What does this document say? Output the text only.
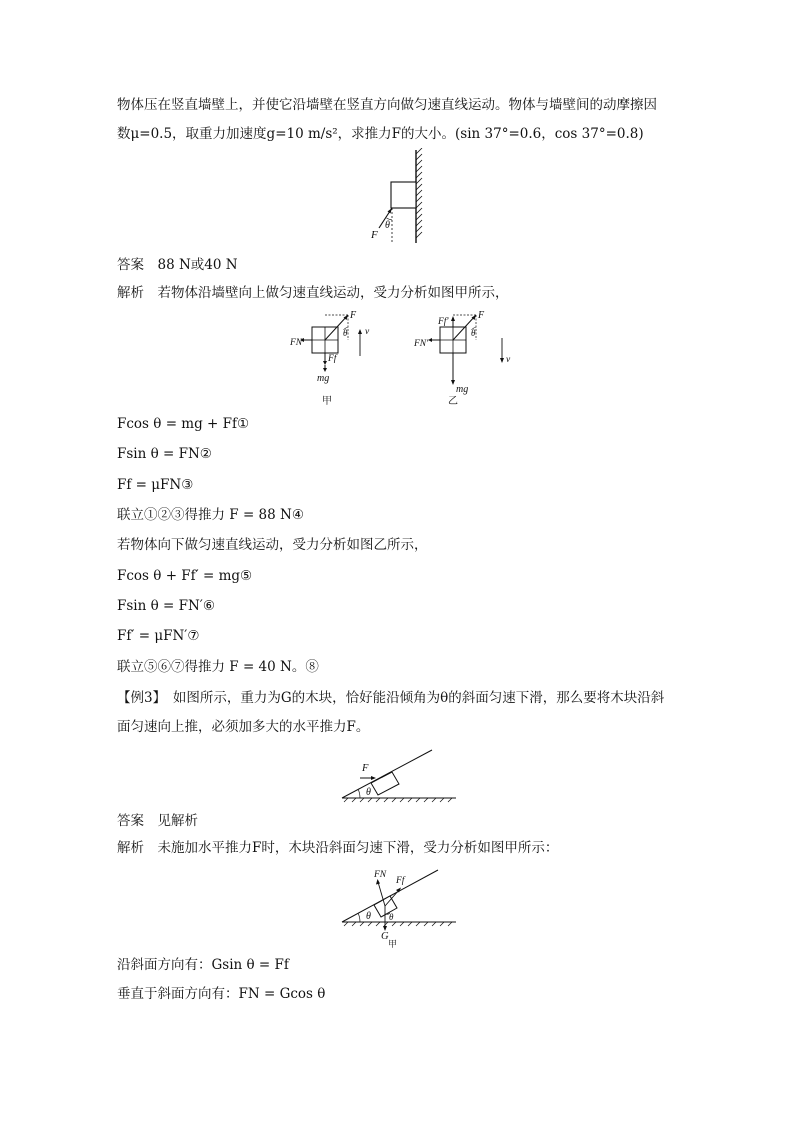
物体压在竖直墙壁上，并使它沿墙壁在竖直方向做匀速直线运动。物体与墙壁间的动摩擦因
数μ=0.5，取重力加速度g=10 m/s²，求推力F的大小。(sin 37°=0.6，cos 37°=0.8)
θ
F
答案　88 N或40 N
解析　若物体沿墙壁向上做匀速直线运动，受力分析如图甲所示，
θ
F
FN
Ff
mg
v
甲
θ
F
Ff′
FN′
mg
v
乙
Fcos θ = mg + Ff①
Fsin θ = FN②
Ff = μFN③
联立①②③得推力 F = 88 N④
若物体向下做匀速直线运动，受力分析如图乙所示，
Fcos θ + Ff′ = mg⑤
Fsin θ = FN′⑥
Ff′ = μFN′⑦
联立⑤⑥⑦得推力 F = 40 N。⑧
【例3】　如图所示，重力为G的木块，恰好能沿倾角为θ的斜面匀速下滑，那么要将木块沿斜
面匀速向上推，必须加多大的水平推力F。
F
θ
答案　见解析
解析　未施加水平推力F时，木块沿斜面匀速下滑，受力分析如图甲所示：
FN
Ff
G
θ
θ
甲
沿斜面方向有：Gsin θ = Ff
垂直于斜面方向有：FN = Gcos θ
